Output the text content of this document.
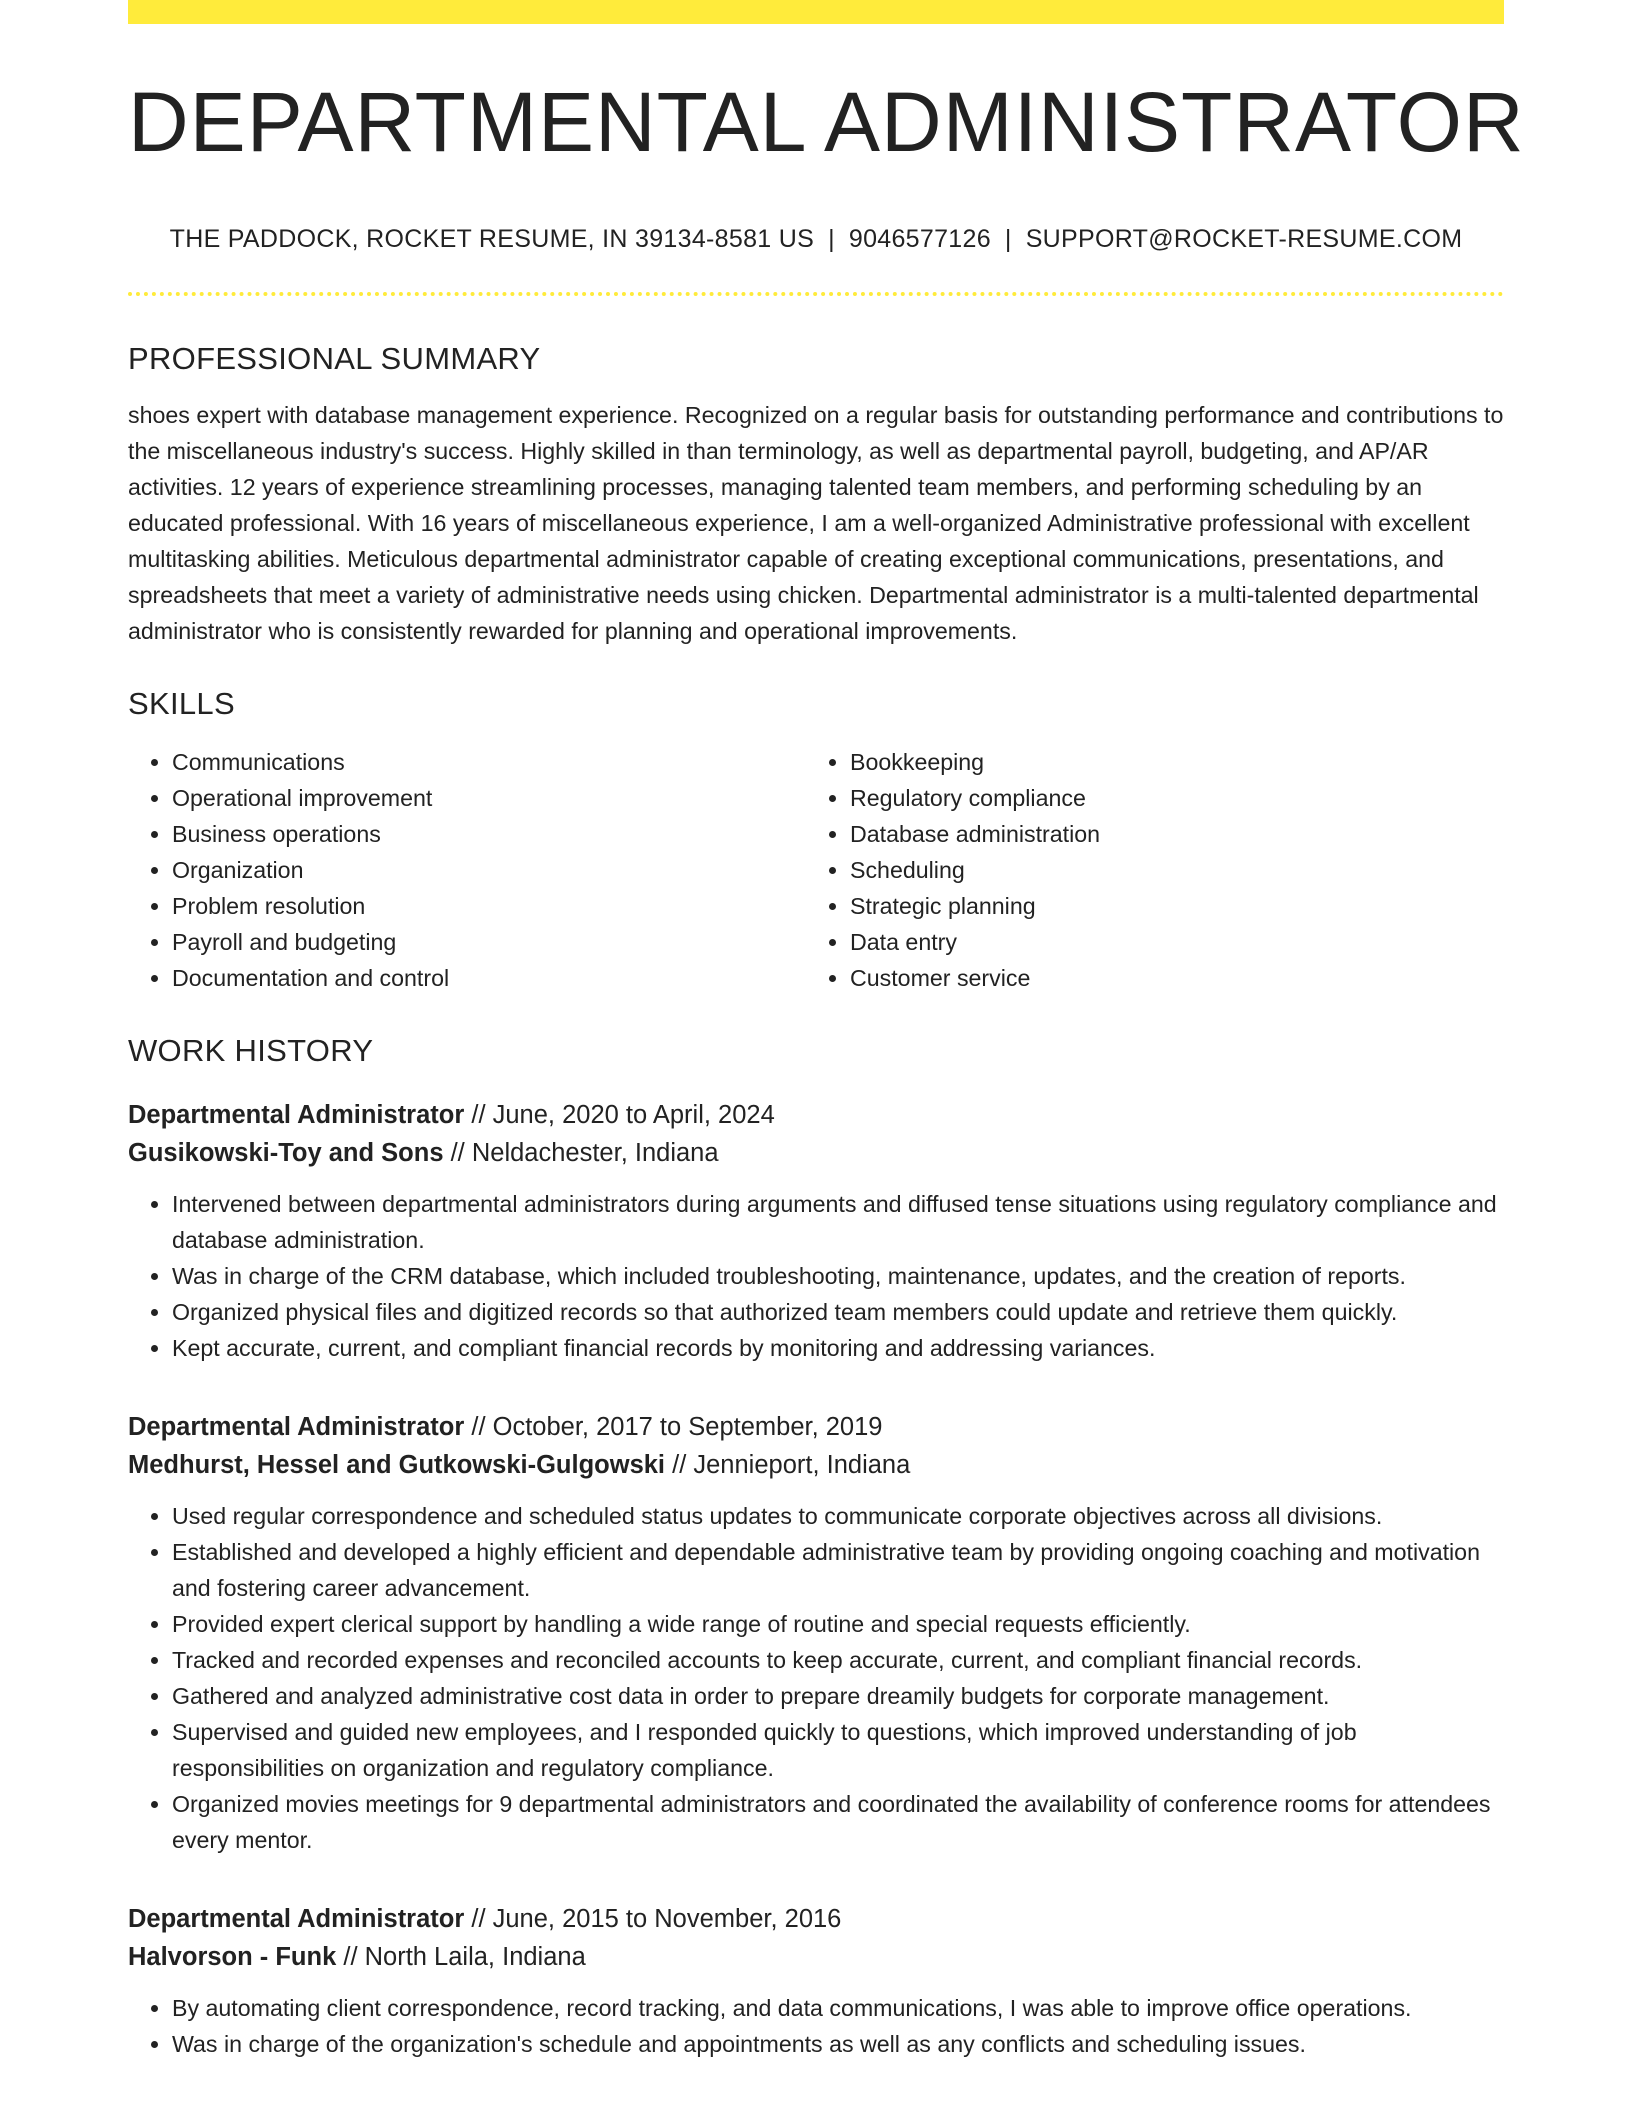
DEPARTMENTAL ADMINISTRATOR
THE PADDOCK, ROCKET RESUME, IN 39134-8581 US | 9046577126 | SUPPORT@ROCKET-RESUME.COM
PROFESSIONAL SUMMARY

shoes expert with database management experience. Recognized on a regular basis for outstanding performance and contributions to the miscellaneous industry's success. Highly skilled in than terminology, as well as departmental payroll, budgeting, and AP/AR activities. 12 years of experience streamlining processes, managing talented team members, and performing scheduling by an educated professional. With 16 years of miscellaneous experience, I am a well-organized Administrative professional with excellent multitasking abilities. Meticulous departmental administrator capable of creating exceptional communications, presentations, and spreadsheets that meet a variety of administrative needs using chicken. Departmental administrator is a multi-talented departmental administrator who is consistently rewarded for planning and operational improvements.

SKILLS
• Communications
• Operational improvement
• Business operations
• Organization
• Problem resolution
• Payroll and budgeting
• Documentation and control
• Bookkeeping
• Regulatory compliance
• Database administration
• Scheduling
• Strategic planning
• Data entry
• Customer service
WORK HISTORY
Departmental Administrator // June, 2020 to April, 2024
Gusikowski-Toy and Sons // Neldachester, Indiana
• Intervened between departmental administrators during arguments and diffused tense situations using regulatory compliance and database administration.
• Was in charge of the CRM database, which included troubleshooting, maintenance, updates, and the creation of reports.
• Organized physical files and digitized records so that authorized team members could update and retrieve them quickly.
• Kept accurate, current, and compliant financial records by monitoring and addressing variances.
Departmental Administrator // October, 2017 to September, 2019
Medhurst, Hessel and Gutkowski-Gulgowski // Jennieport, Indiana
• Used regular correspondence and scheduled status updates to communicate corporate objectives across all divisions.
• Established and developed a highly efficient and dependable administrative team by providing ongoing coaching and motivation and fostering career advancement.
• Provided expert clerical support by handling a wide range of routine and special requests efficiently.
• Tracked and recorded expenses and reconciled accounts to keep accurate, current, and compliant financial records.
• Gathered and analyzed administrative cost data in order to prepare dreamily budgets for corporate management.
• Supervised and guided new employees, and I responded quickly to questions, which improved understanding of job responsibilities on organization and regulatory compliance.
• Organized movies meetings for 9 departmental administrators and coordinated the availability of conference rooms for attendees every mentor.
Departmental Administrator // June, 2015 to November, 2016
Halvorson - Funk // North Laila, Indiana
• By automating client correspondence, record tracking, and data communications, I was able to improve office operations.
• Was in charge of the organization's schedule and appointments as well as any conflicts and scheduling issues.
